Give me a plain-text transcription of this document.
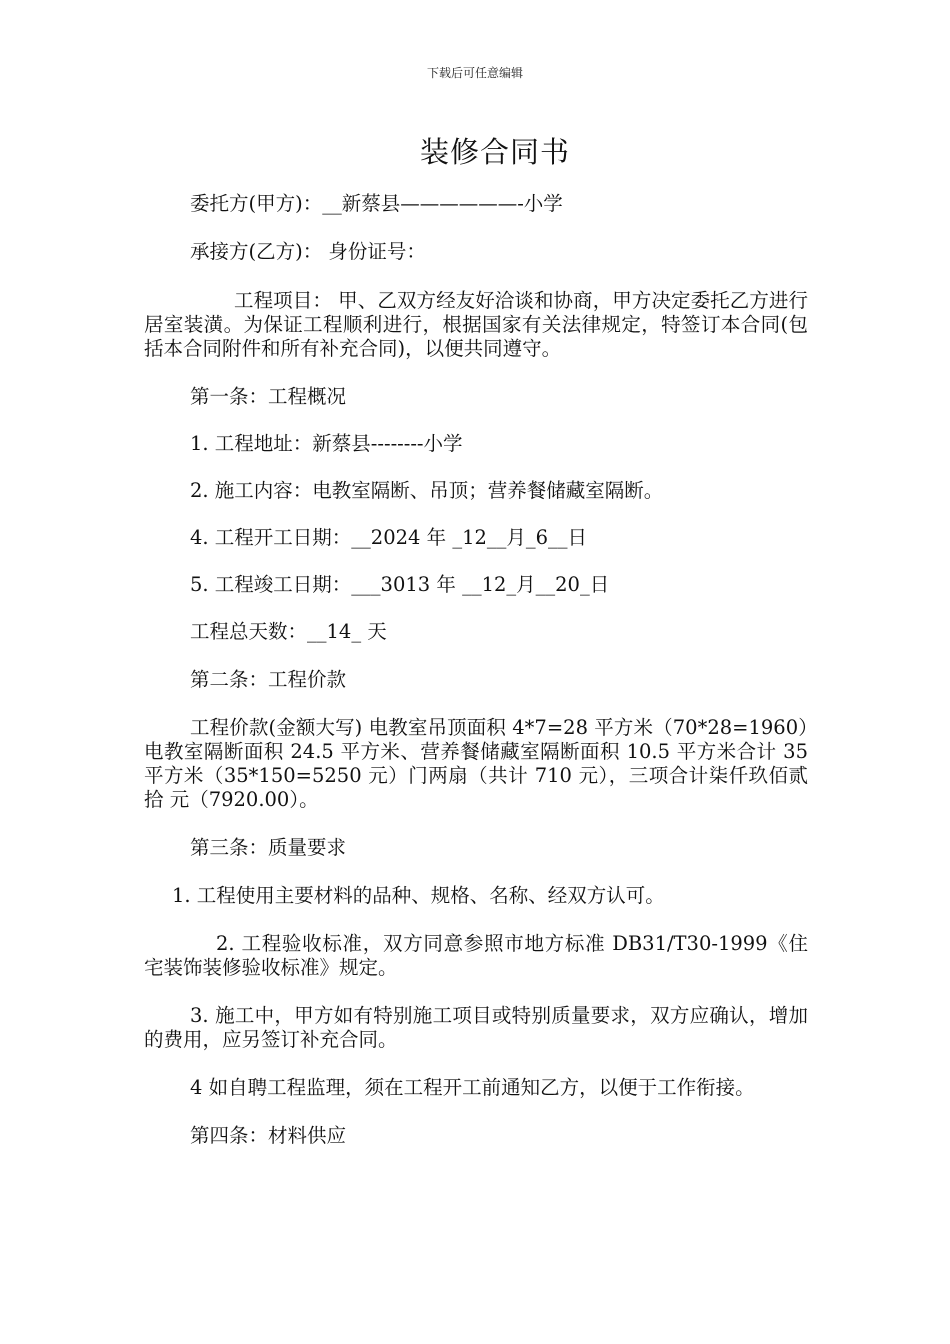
下载后可任意编辑
装修合同书

委托方(甲方)：__新蔡县——————-小学

承接方(乙方)： 身份证号：

工程项目： 甲、乙双方经友好洽谈和协商，甲方决定委托乙方进行居室装潢。为保证工程顺利进行，根据国家有关法律规定，特签订本合同(包括本合同附件和所有补充合同)，以便共同遵守。

第一条：工程概况

1. 工程地址：新蔡县--------小学

2. 施工内容：电教室隔断、吊顶；营养餐储藏室隔断。

4. 工程开工日期：__2024 年 _12__月_6__日

5. 工程竣工日期：___3013 年 __12_月__20_日

工程总天数：__14_ 天

第二条：工程价款

工程价款(金额大写) 电教室吊顶面积 4*7=28 平方米（70*28=1960）电教室隔断面积 24.5 平方米、营养餐储藏室隔断面积 10.5 平方米合计 35 平方米（35*150=5250 元）门两扇（共计 710 元），三项合计柒仟玖佰贰拾 元（7920.00）。

第三条：质量要求

1. 工程使用主要材料的品种、规格、名称、经双方认可。

2. 工程验收标准，双方同意参照市地方标准 DB31/T30-1999《住宅装饰装修验收标准》规定。

3. 施工中，甲方如有特别施工项目或特别质量要求，双方应确认，增加的费用，应另签订补充合同。

4 如自聘工程监理，须在工程开工前通知乙方，以便于工作衔接。

第四条：材料供应
